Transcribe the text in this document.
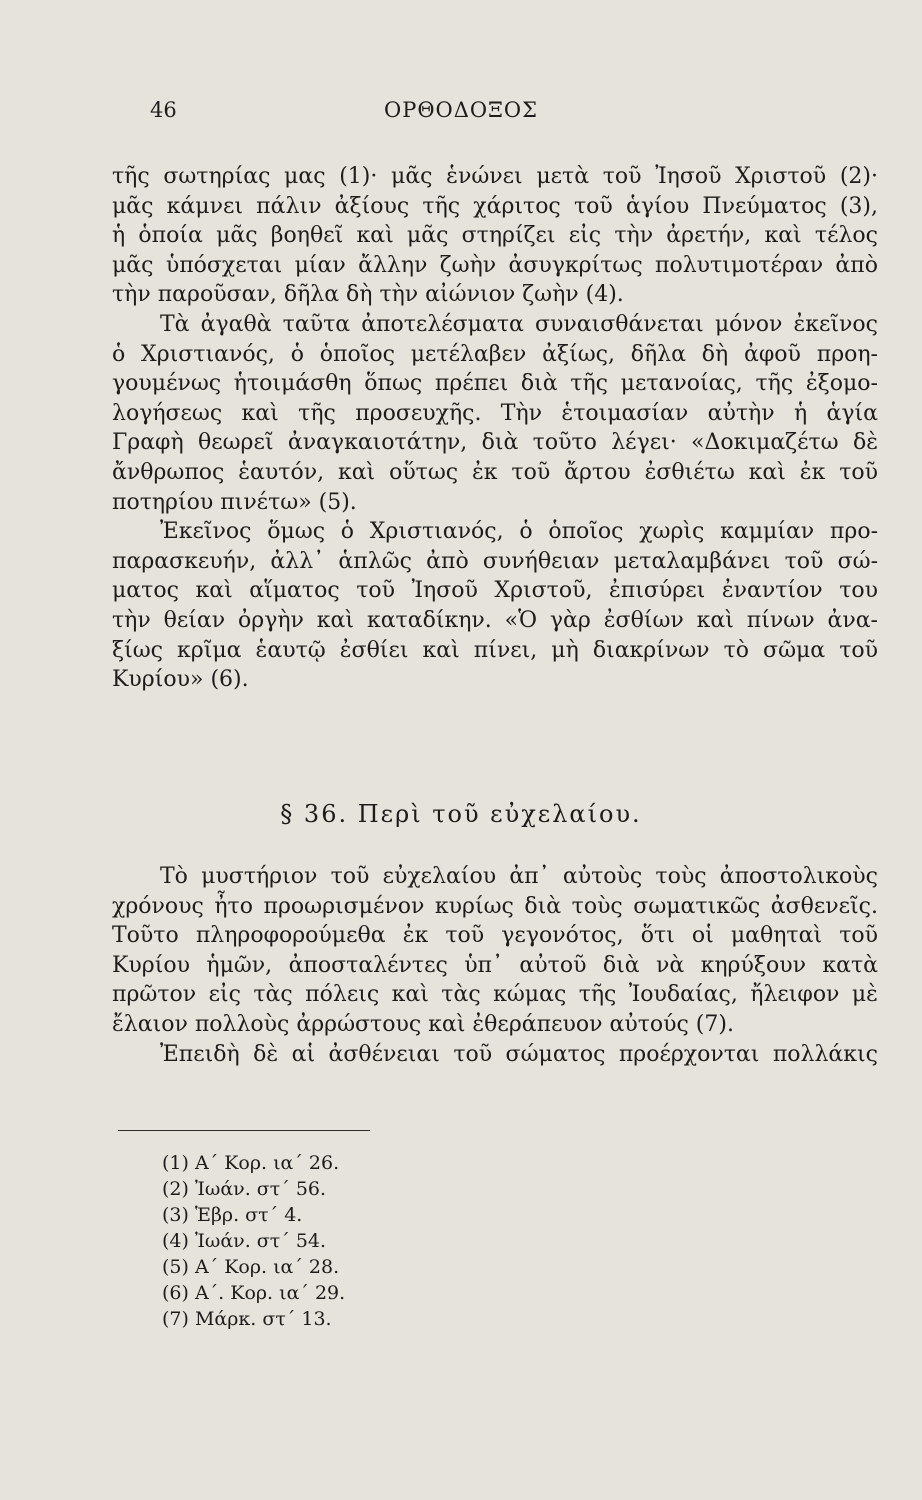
46	ΟΡΘΟΔΟΞΟΣ
τῆς σωτηρίας μας (1)· μᾶς ἑνώνει μετὰ τοῦ Ἰησοῦ Χριστοῦ (2)·
μᾶς κάμνει πάλιν ἀξίους τῆς χάριτος τοῦ ἁγίου Πνεύματος (3),
ἡ ὁποία μᾶς βοηθεῖ καὶ μᾶς στηρίζει εἰς τὴν ἀρετήν, καὶ τέλος
μᾶς ὑπόσχεται μίαν ἄλλην ζωὴν ἀσυγκρίτως πολυτιμοτέραν ἀπὸ
τὴν παροῦσαν, δῆλα δὴ τὴν αἰώνιον ζωὴν (4).
Τὰ ἀγαθὰ ταῦτα ἀποτελέσματα συναισθάνεται μόνον ἐκεῖνος
ὁ Χριστιανός, ὁ ὁποῖος μετέλαβεν ἀξίως, δῆλα δὴ ἀφοῦ προη-
γουμένως ἡτοιμάσθη ὅπως πρέπει διὰ τῆς μετανοίας, τῆς ἐξομο-
λογήσεως καὶ τῆς προσευχῆς. Τὴν ἑτοιμασίαν αὐτὴν ἡ ἁγία
Γραφὴ θεωρεῖ ἀναγκαιοτάτην, διὰ τοῦτο λέγει· «Δοκιμαζέτω δὲ
ἄνθρωπος ἑαυτόν, καὶ οὕτως ἐκ τοῦ ἄρτου ἐσθιέτω καὶ ἐκ τοῦ
ποτηρίου πινέτω» (5).
Ἐκεῖνος ὅμως ὁ Χριστιανός, ὁ ὁποῖος χωρὶς καμμίαν προ-
παρασκευήν, ἀλλ᾽ ἁπλῶς ἀπὸ συνήθειαν μεταλαμβάνει τοῦ σώ-
ματος καὶ αἵματος τοῦ Ἰησοῦ Χριστοῦ, ἐπισύρει ἐναντίον του
τὴν θείαν ὀργὴν καὶ καταδίκην. «Ὁ γὰρ ἐσθίων καὶ πίνων ἀνα-
ξίως κρῖμα ἑαυτῷ ἐσθίει καὶ πίνει, μὴ διακρίνων τὸ σῶμα τοῦ
Κυρίου» (6).
§ 36. Περὶ τοῦ εὐχελαίου.
Τὸ μυστήριον τοῦ εὐχελαίου ἀπ᾽ αὐτοὺς τοὺς ἀποστολικοὺς
χρόνους ἦτο προωρισμένον κυρίως διὰ τοὺς σωματικῶς ἀσθενεῖς.
Τοῦτο πληροφορούμεθα ἐκ τοῦ γεγονότος, ὅτι οἱ μαθηταὶ τοῦ
Κυρίου ἡμῶν, ἀποσταλέντες ὑπ᾽ αὐτοῦ διὰ νὰ κηρύξουν κατὰ
πρῶτον εἰς τὰς πόλεις καὶ τὰς κώμας τῆς Ἰουδαίας, ἤλειφον μὲ
ἔλαιον πολλοὺς ἀρρώστους καὶ ἐθεράπευον αὐτούς (7).
Ἐπειδὴ δὲ αἱ ἀσθένειαι τοῦ σώματος προέρχονται πολλάκις
(1) Α΄ Κορ. ια΄ 26.
(2) Ἰωάν. στ΄ 56.
(3) Ἑβρ. στ΄ 4.
(4) Ἰωάν. στ΄ 54.
(5) Α΄ Κορ. ια΄ 28.
(6) Α΄. Κορ. ια΄ 29.
(7) Μάρκ. στ΄ 13.
